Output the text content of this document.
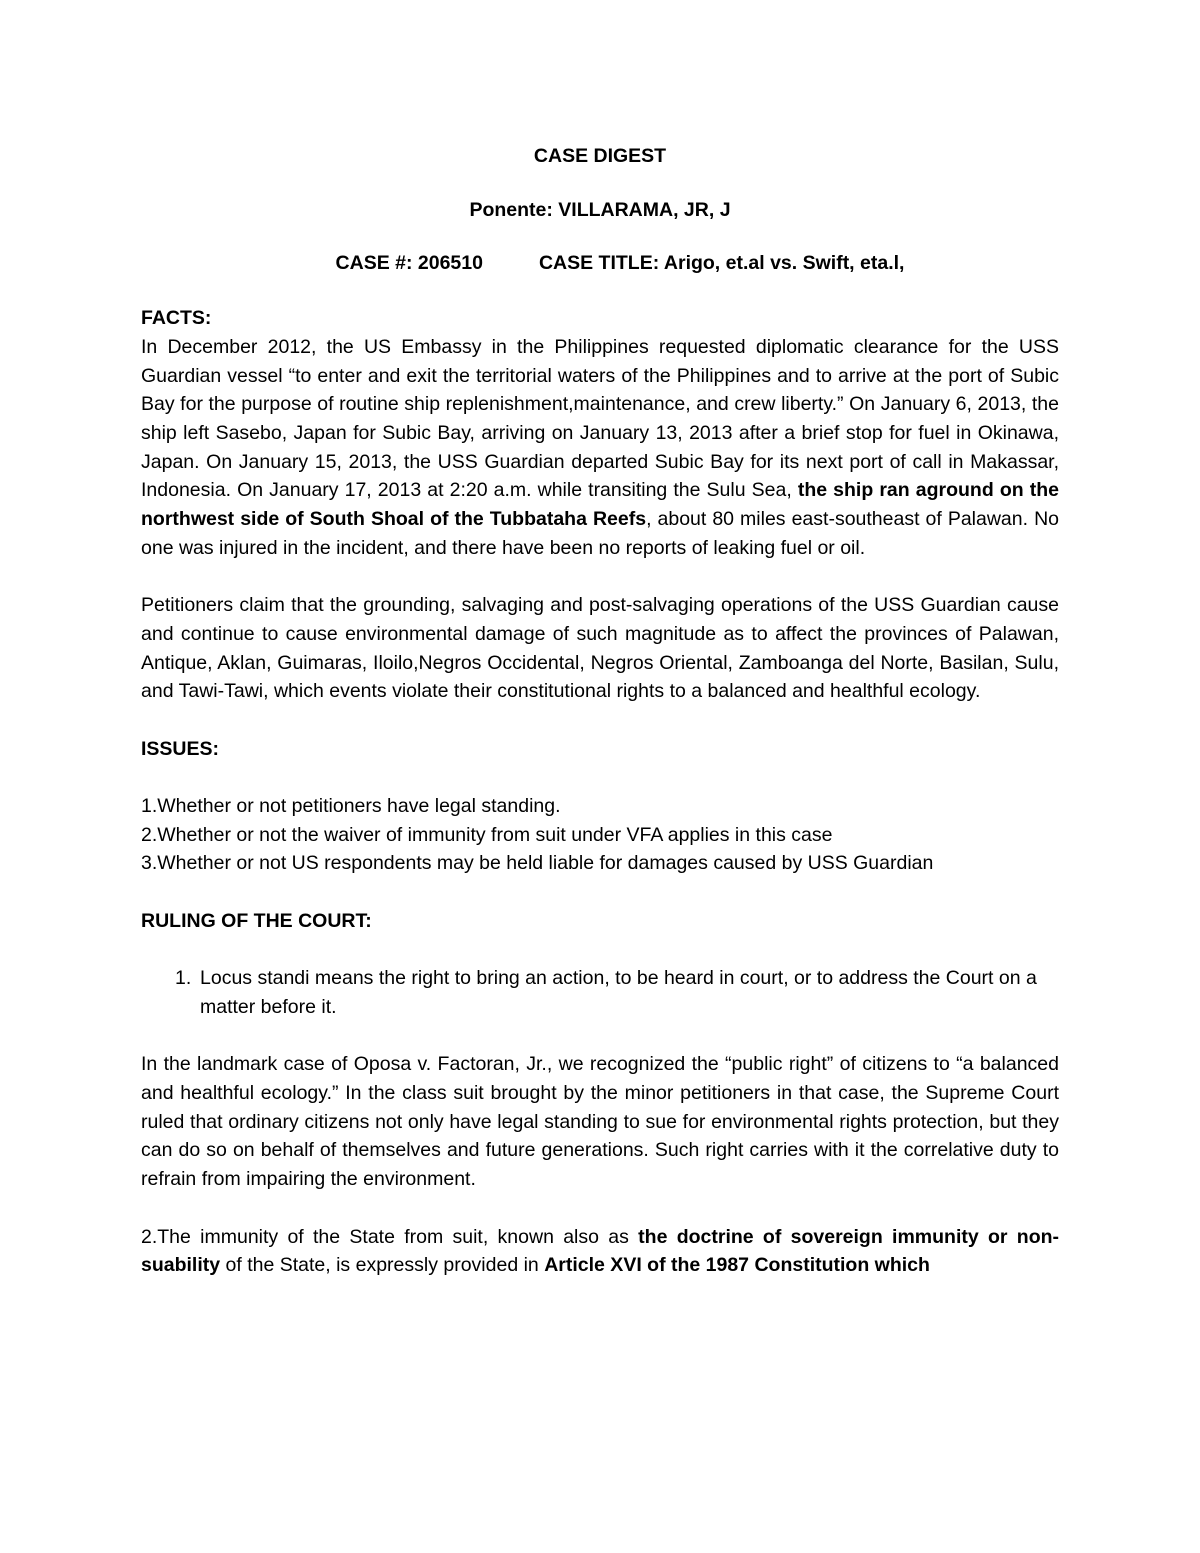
CASE DIGEST

Ponente: VILLARAMA, JR, J

CASE #: 206510	CASE TITLE: Arigo, et.al vs. Swift, eta.l,

FACTS:

In December 2012, the US Embassy in the Philippines requested diplomatic clearance for the USS Guardian vessel “to enter and exit the territorial waters of the Philippines and to arrive at the port of Subic Bay for the purpose of routine ship replenishment,maintenance, and crew liberty.” On January 6, 2013, the ship left Sasebo, Japan for Subic Bay, arriving on January 13, 2013 after a brief stop for fuel in Okinawa, Japan. On January 15, 2013, the USS Guardian departed Subic Bay for its next port of call in Makassar, Indonesia. On January 17, 2013 at 2:20 a.m. while transiting the Sulu Sea, the ship ran aground on the northwest side of South Shoal of the Tubbataha Reefs, about 80 miles east-southeast of Palawan. No one was injured in the incident, and there have been no reports of leaking fuel or oil.

Petitioners claim that the grounding, salvaging and post-salvaging operations of the USS Guardian cause and continue to cause environmental damage of such magnitude as to affect the provinces of Palawan, Antique, Aklan, Guimaras, Iloilo,Negros Occidental, Negros Oriental, Zamboanga del Norte, Basilan, Sulu, and Tawi-Tawi, which events violate their constitutional rights to a balanced and healthful ecology.

ISSUES:

1.Whether or not petitioners have legal standing.

2.Whether or not the waiver of immunity from suit under VFA applies in this case

3.Whether or not US respondents may be held liable for damages caused by USS Guardian

RULING OF THE COURT:

1. Locus standi means the right to bring an action, to be heard in court, or to address the Court on a matter before it.

In the landmark case of Oposa v. Factoran, Jr., we recognized the “public right” of citizens to “a balanced and healthful ecology.” In the class suit brought by the minor petitioners in that case, the Supreme Court ruled that ordinary citizens not only have legal standing to sue for environmental rights protection, but they can do so on behalf of themselves and future generations. Such right carries with it the correlative duty to refrain from impairing the environment.

2.The immunity of the State from suit, known also as the doctrine of sovereign immunity or non-suability of the State, is expressly provided in Article XVI of the 1987 Constitution which
